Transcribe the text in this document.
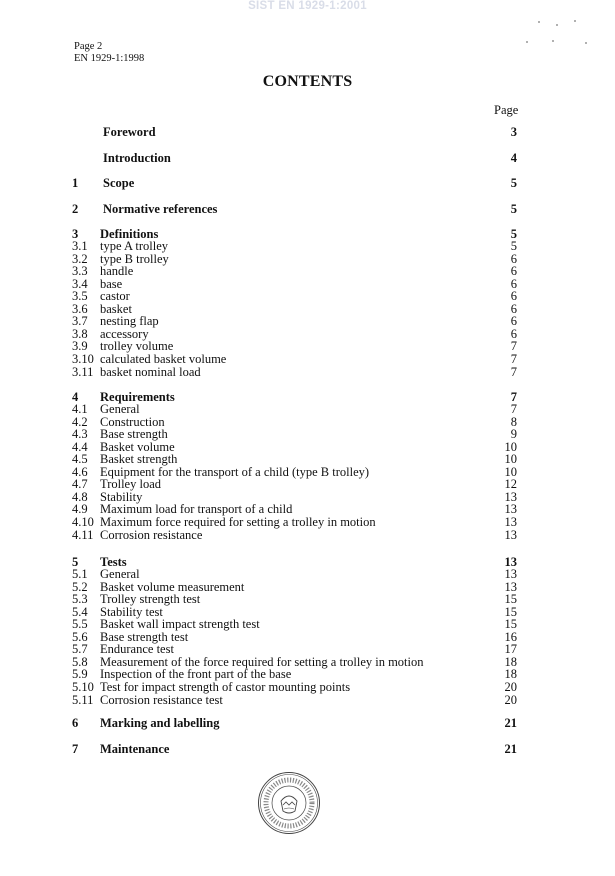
SIST EN 1929-1:2001
Page 2
EN 1929-1:1998
CONTENTS
Page
Foreword	3
Introduction	4
1 Scope	5
2 Normative references	5
3 Definitions	5
3.1 type A trolley	5
3.2 type B trolley	6
3.3 handle	6
3.4 base	6
3.5 castor	6
3.6 basket	6
3.7 nesting flap	6
3.8 accessory	6
3.9 trolley volume	7
3.10 calculated basket volume	7
3.11 basket nominal load	7
4 Requirements	7
4.1 General	7
4.2 Construction	8
4.3 Base strength	9
4.4 Basket volume	10
4.5 Basket strength	10
4.6 Equipment for the transport of a child (type B trolley)	10
4.7 Trolley load	12
4.8 Stability	13
4.9 Maximum load for transport of a child	13
4.10 Maximum force required for setting a trolley in motion	13
4.11 Corrosion resistance	13
5 Tests	13
5.1 General	13
5.2 Basket volume measurement	13
5.3 Trolley strength test	15
5.4 Stability test	15
5.5 Basket wall impact strength test	15
5.6 Base strength test	16
5.7 Endurance test	17
5.8 Measurement of the force required for setting a trolley in motion	18
5.9 Inspection of the front part of the base	18
5.10 Test for impact strength of castor mounting points	20
5.11 Corrosion resistance test	20
6 Marking and labelling	21
7 Maintenance	21
